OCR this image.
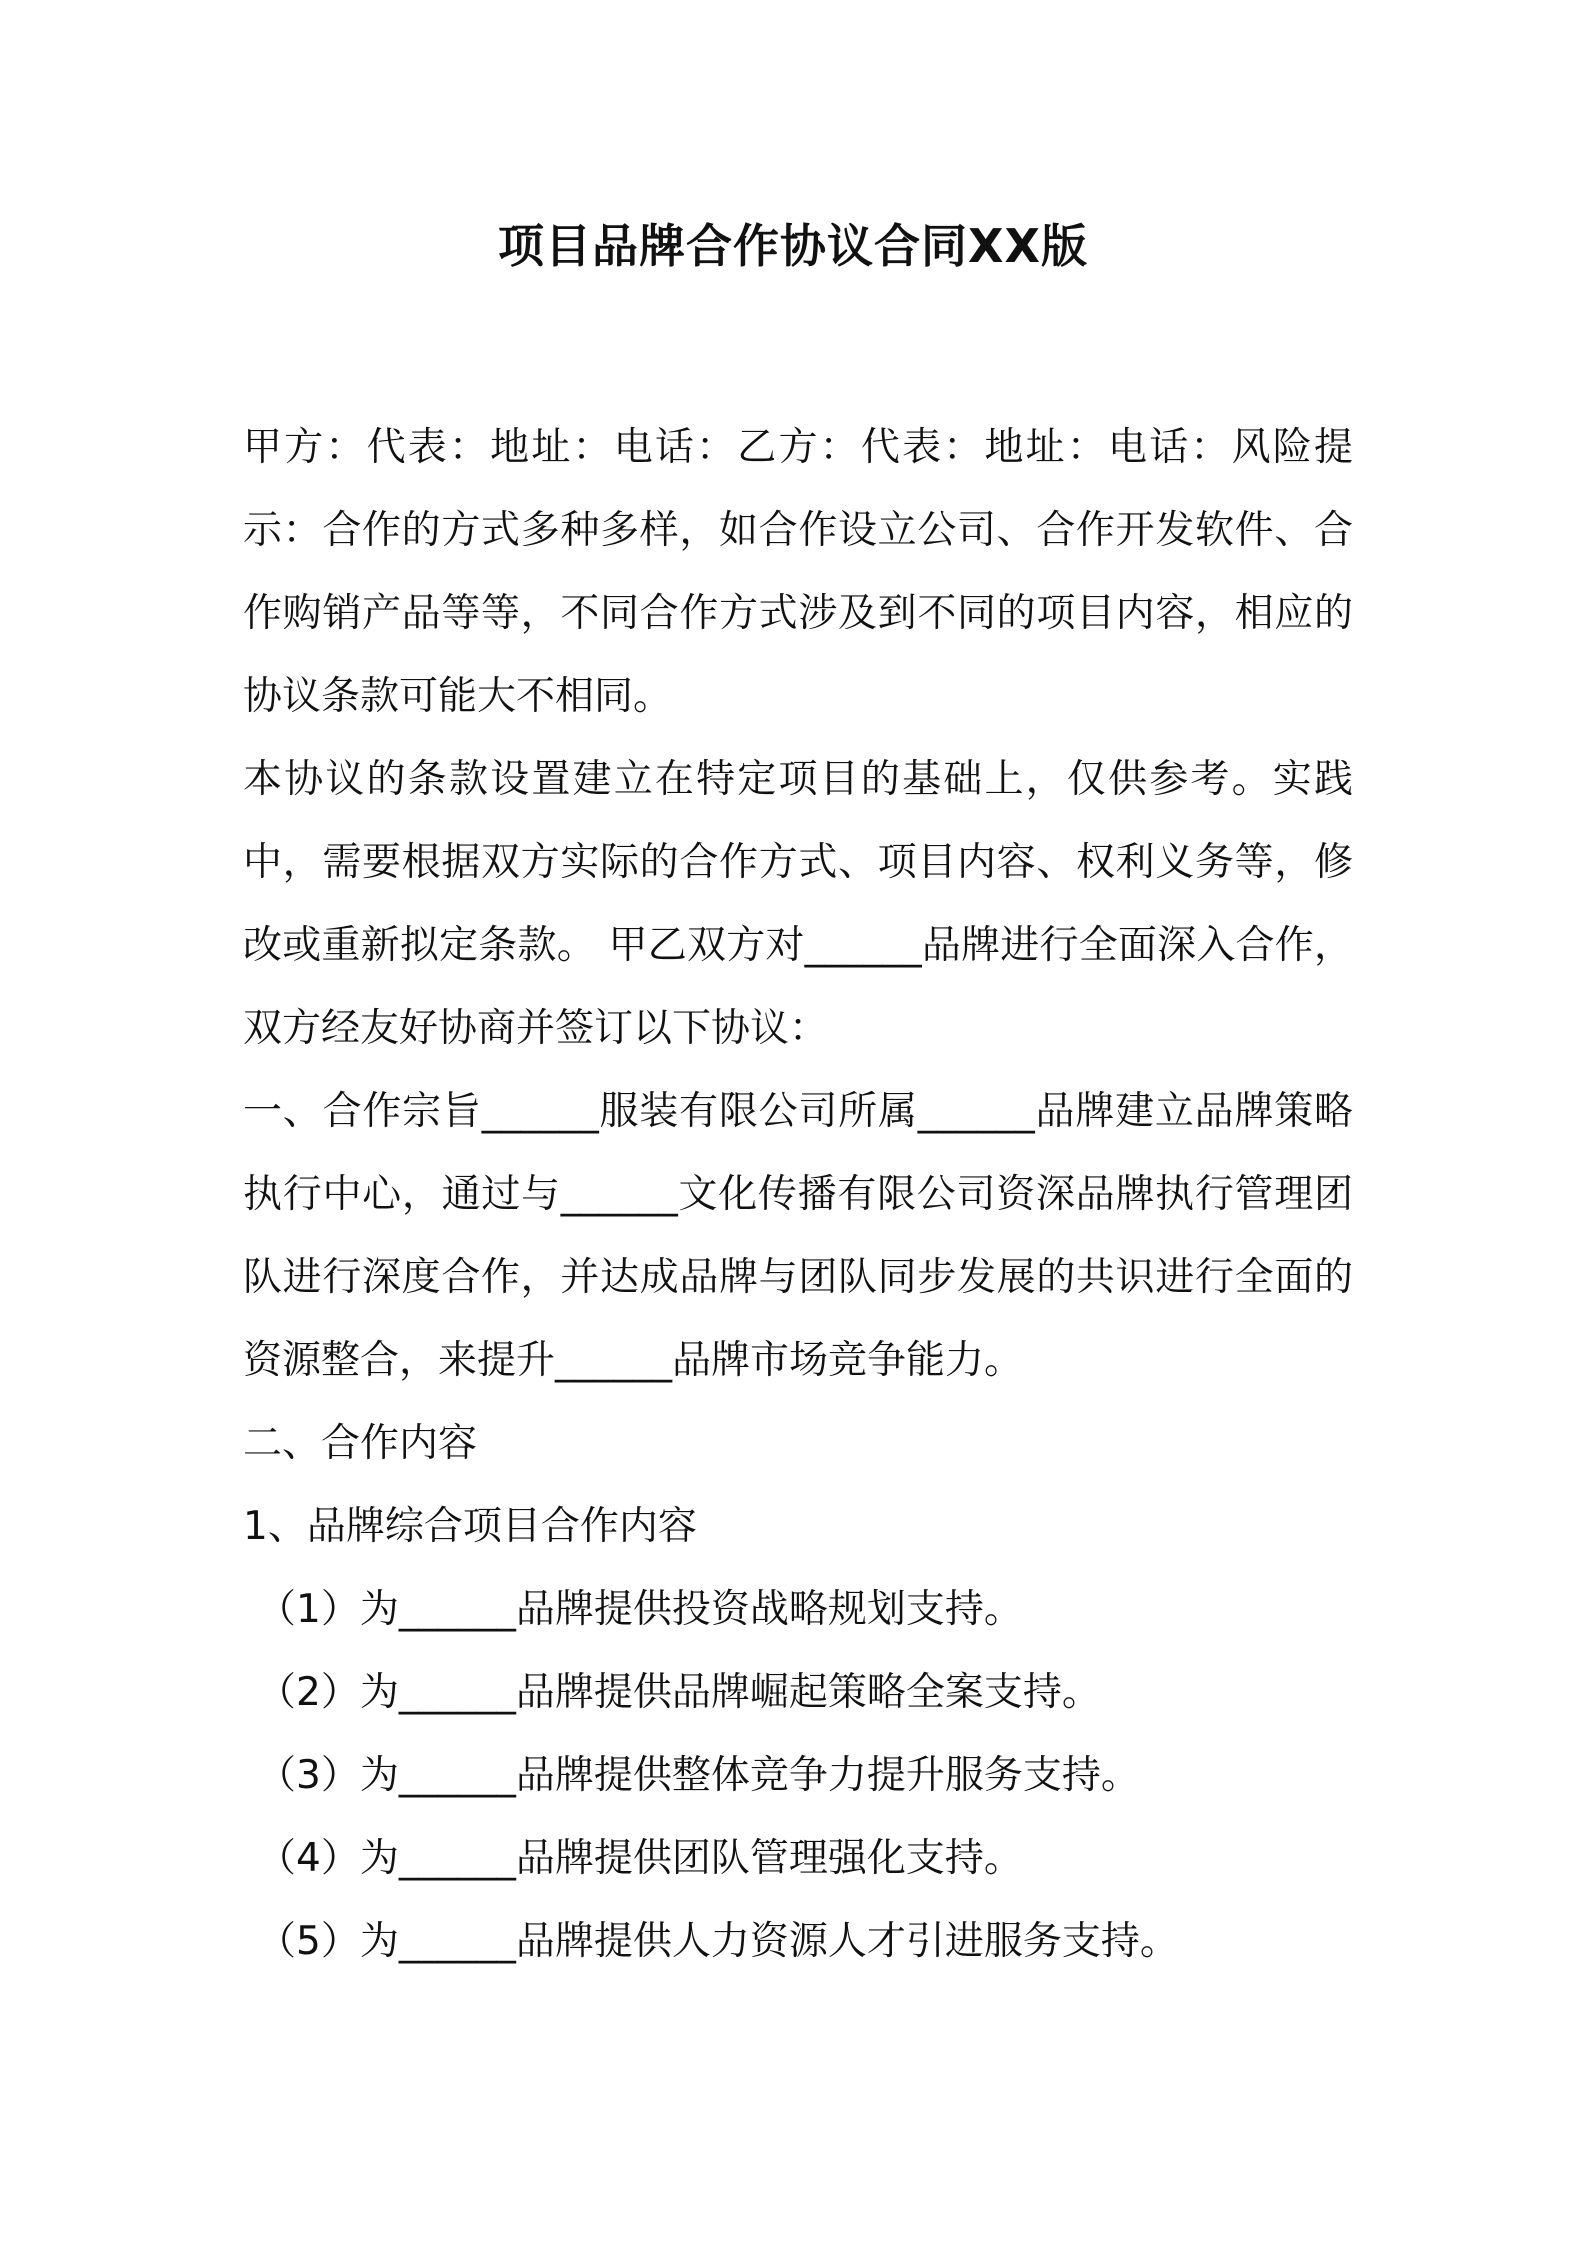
项目品牌合作协议合同XX版

甲方：代表：地址：电话：乙方：代表：地址：电话：风险提示：合作的方式多种多样，如合作设立公司、合作开发软件、合作购销产品等等，不同合作方式涉及到不同的项目内容，相应的协议条款可能大不相同。

本协议的条款设置建立在特定项目的基础上，仅供参考。实践中，需要根据双方实际的合作方式、项目内容、权利义务等，修改或重新拟定条款。 甲乙双方对______品牌进行全面深入合作，双方经友好协商并签订以下协议：

一、合作宗旨______服装有限公司所属______品牌建立品牌策略执行中心，通过与______文化传播有限公司资深品牌执行管理团队进行深度合作，并达成品牌与团队同步发展的共识进行全面的资源整合，来提升______品牌市场竞争能力。

二、合作内容

1、品牌综合项目合作内容

（1）为______品牌提供投资战略规划支持。

（2）为______品牌提供品牌崛起策略全案支持。

（3）为______品牌提供整体竞争力提升服务支持。

（4）为______品牌提供团队管理强化支持。

（5）为______品牌提供人力资源人才引进服务支持。
